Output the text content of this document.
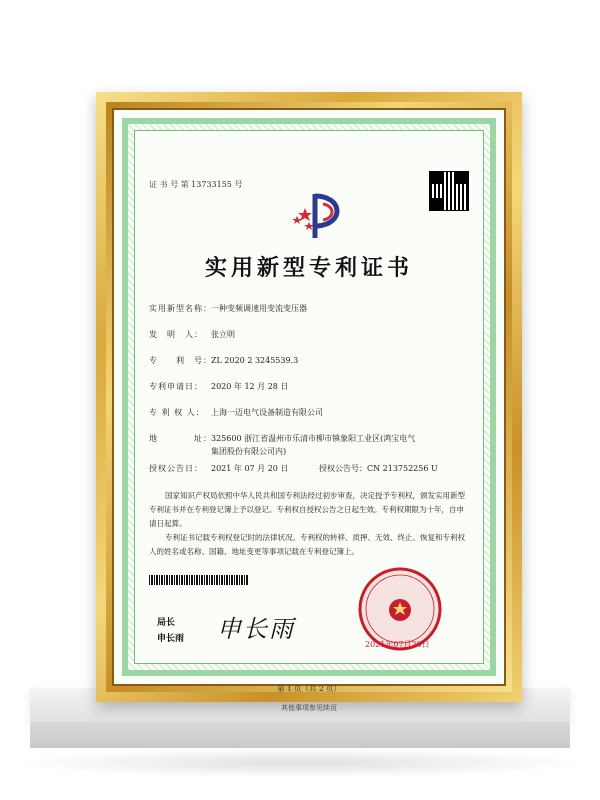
证 书 号 第 13733155 号
实用新型专利证书
实用新型名称：一种变频调速用变流变压器
发　明　人： 张立明
专　　利　号：ZL 2020 2 3245539.3
专利申请日： 2020 年 12 月 28 日
专 利 权 人： 上海一迈电气设备制造有限公司
地　　　　址：325600 浙江省温州市乐清市柳市镇象阳工业区(鸿宝电气
集团股份有限公司内)
授权公告日： 2021 年 07 月 20 日	授权公告号：CN 213752256 U
国家知识产权局依照中华人民共和国专利法经过初步审查，决定授予专利权，颁发实用新型专利证书并在专利登记簿上予以登记。专利权自授权公告之日起生效。专利权期限为十年，自申请日起算。
专利证书记载专利权登记时的法律状况。专利权的转移、质押、无效、终止、恢复和专利权人的姓名或名称、国籍、地址变更等事项记载在专利登记簿上。
局长
申长雨 申长雨
2021年07月20日
第 1 页（共 2 页）
其他事项参见续页
